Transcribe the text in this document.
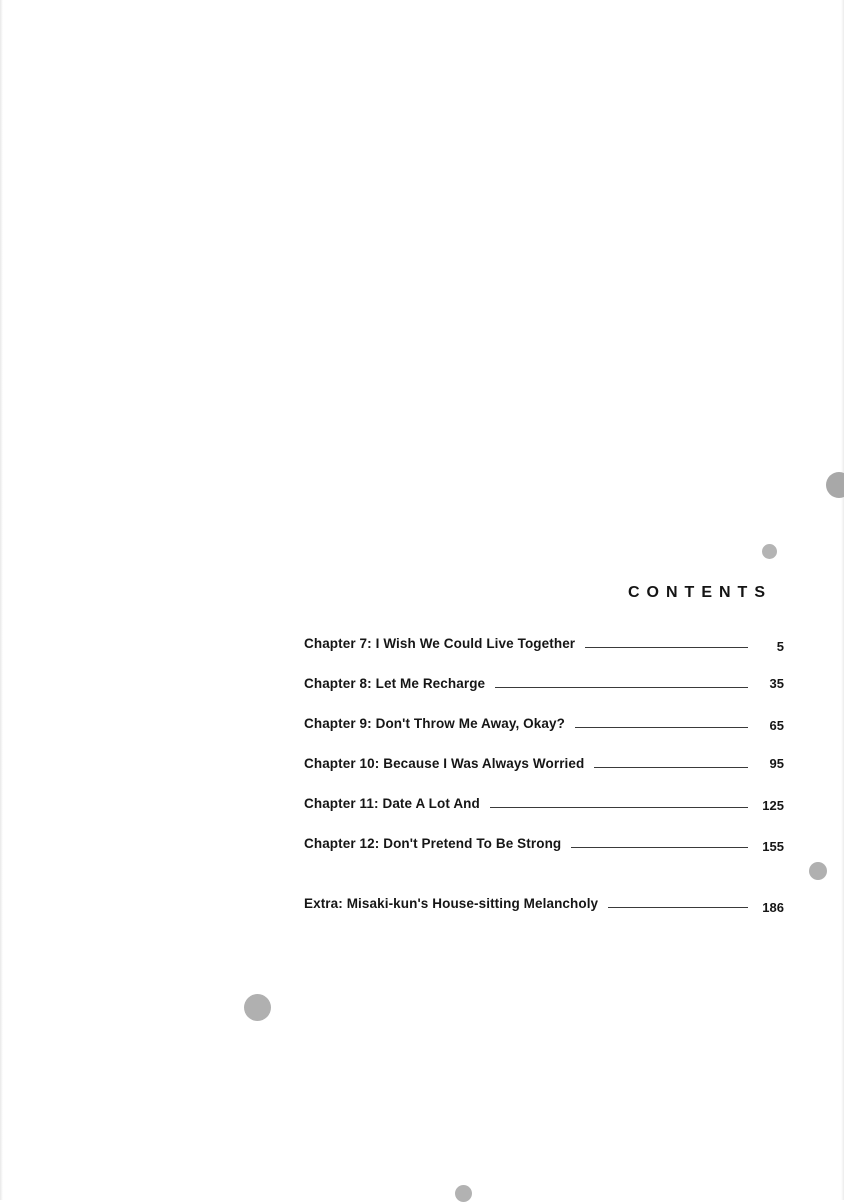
CONTENTS
Chapter 7: I Wish We Could Live Together	5
Chapter 8: Let Me Recharge	35
Chapter 9: Don't Throw Me Away, Okay?	65
Chapter 10: Because I Was Always Worried	95
Chapter 11: Date A Lot And	125
Chapter 12: Don't Pretend To Be Strong	155
Extra: Misaki-kun's House-sitting Melancholy	186
